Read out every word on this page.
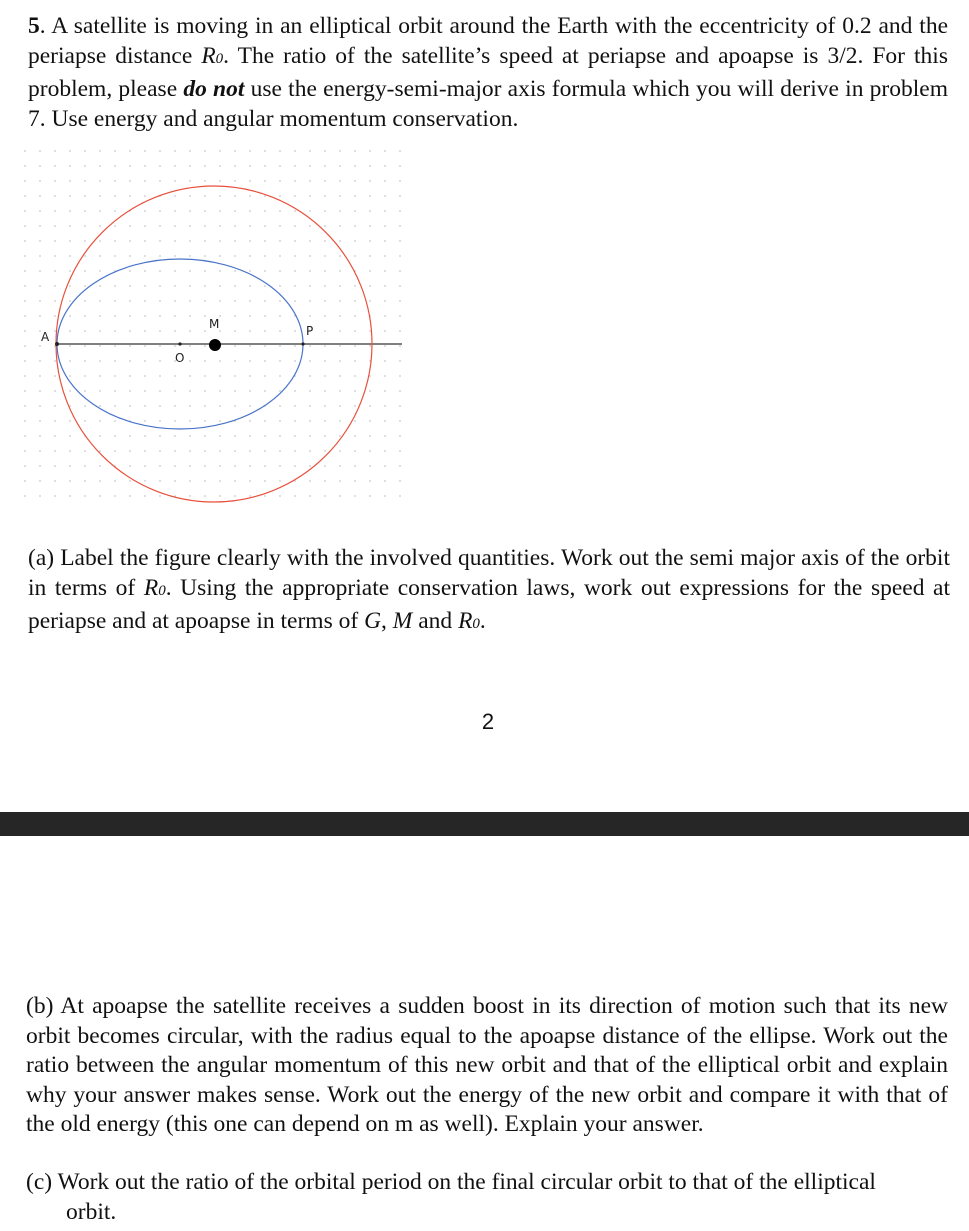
5. A satellite is moving in an elliptical orbit around the Earth with the eccentricity of 0.2 and the periapse distance R0. The ratio of the satellite’s speed at periapse and apoapse is 3/2. For this problem, please do not use the energy-semi-major axis formula which you will derive in problem 7. Use energy and angular momentum conservation.

A	P
M
O

(a) Label the figure clearly with the involved quantities. Work out the semi major axis of the orbit in terms of R0. Using the appropriate conservation laws, work out expressions for the speed at periapse and at apoapse in terms of G, M and R0.

2

(b) At apoapse the satellite receives a sudden boost in its direction of motion such that its new orbit becomes circular, with the radius equal to the apoapse distance of the ellipse. Work out the ratio between the angular momentum of this new orbit and that of the elliptical orbit and explain why your answer makes sense. Work out the energy of the new orbit and compare it with that of the old energy (this one can depend on m as well). Explain your answer.

(c) Work out the ratio of the orbital period on the final circular orbit to that of the elliptical
orbit.
